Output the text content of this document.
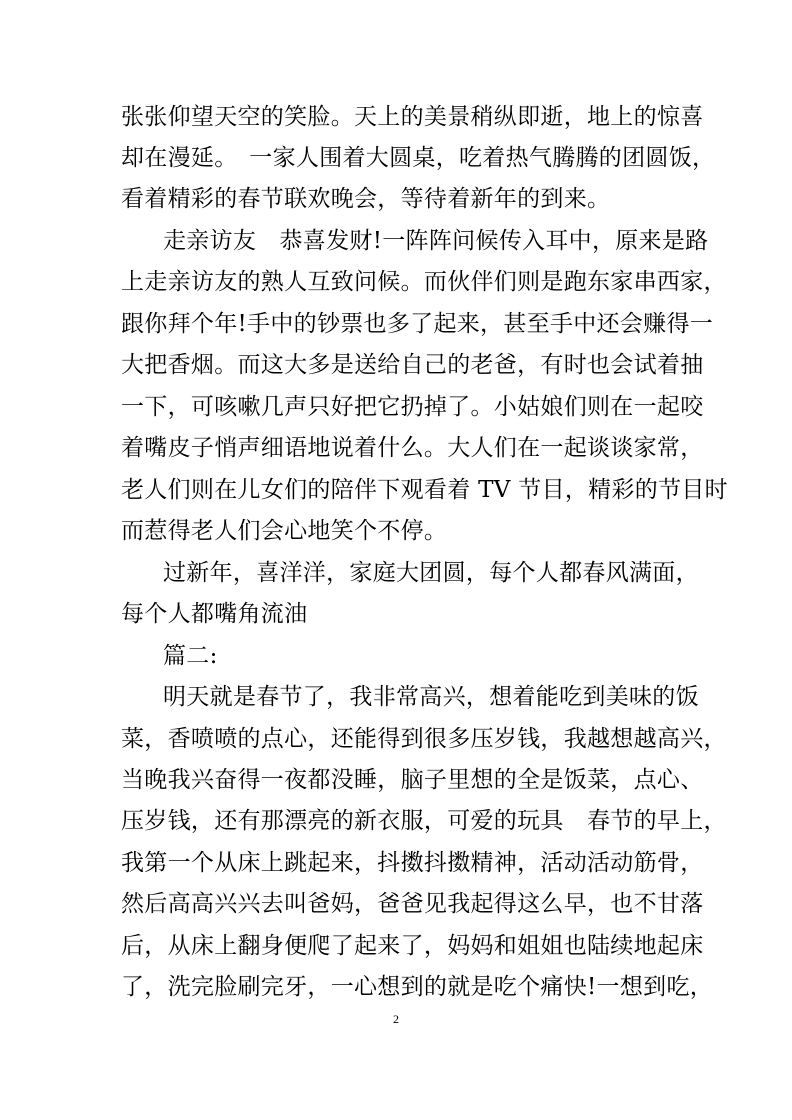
张张仰望天空的笑脸。天上的美景稍纵即逝，地上的惊喜
却在漫延。　一家人围着大圆桌，吃着热气腾腾的团圆饭，
看着精彩的春节联欢晚会，等待着新年的到来。
走亲访友　恭喜发财!一阵阵问候传入耳中，原来是路
上走亲访友的熟人互致问候。而伙伴们则是跑东家串西家，
跟你拜个年!手中的钞票也多了起来，甚至手中还会赚得一
大把香烟。而这大多是送给自己的老爸，有时也会试着抽
一下，可咳嗽几声只好把它扔掉了。小姑娘们则在一起咬
着嘴皮子悄声细语地说着什么。大人们在一起谈谈家常，
老人们则在儿女们的陪伴下观看着 TV 节目，精彩的节目时
而惹得老人们会心地笑个不停。
过新年，喜洋洋，家庭大团圆，每个人都春风满面，
每个人都嘴角流油
篇二:
明天就是春节了，我非常高兴，想着能吃到美味的饭
菜，香喷喷的点心，还能得到很多压岁钱，我越想越高兴，
当晚我兴奋得一夜都没睡，脑子里想的全是饭菜，点心、
压岁钱，还有那漂亮的新衣服，可爱的玩具　春节的早上，
我第一个从床上跳起来，抖擞抖擞精神，活动活动筋骨，
然后高高兴兴去叫爸妈，爸爸见我起得这么早，也不甘落
后，从床上翻身便爬了起来了，妈妈和姐姐也陆续地起床
了，洗完脸刷完牙，一心想到的就是吃个痛快!一想到吃，
2
